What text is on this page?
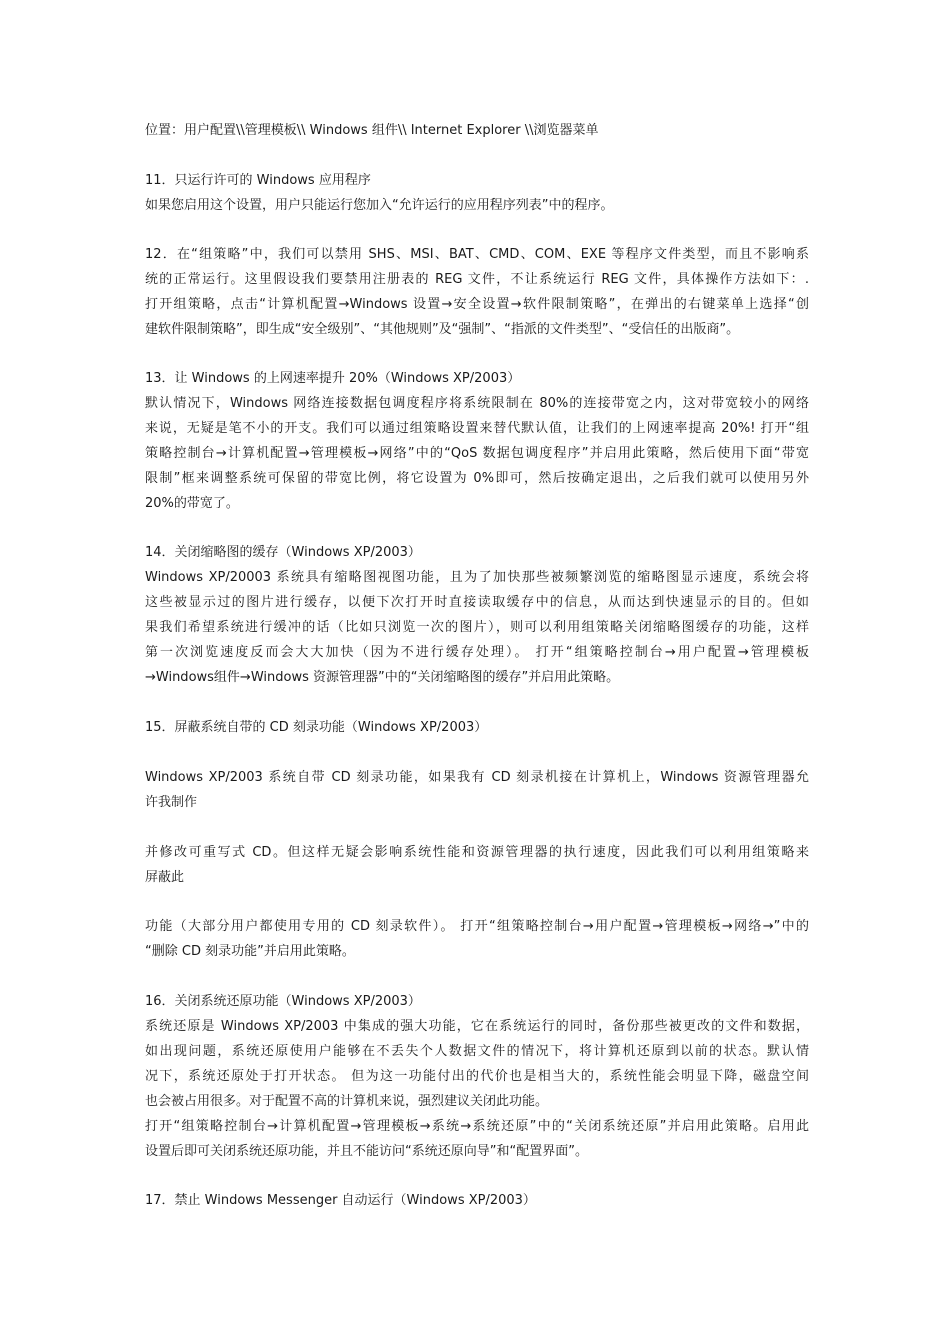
位置：用户配置\\管理模板\\ Windows 组件\\ Internet Explorer \\浏览器菜单

11．只运行许可的 Windows 应用程序
如果您启用这个设置，用户只能运行您加入“允许运行的应用程序列表”中的程序。

12．在“组策略”中，我们可以禁用 SHS、MSI、BAT、CMD、COM、EXE 等程序文件类型，而且不影响系
统的正常运行。这里假设我们要禁用注册表的 REG 文件，不让系统运行 REG 文件，具体操作方法如下：.
打开组策略，点击“计算机配置→Windows 设置→安全设置→软件限制策略”，在弹出的右键菜单上选择“创
建软件限制策略”，即生成“安全级别”、“其他规则”及“强制”、“指派的文件类型”、“受信任的出版商”。

13．让 Windows 的上网速率提升 20%（Windows XP/2003）
默认情况下，Windows 网络连接数据包调度程序将系统限制在 80%的连接带宽之内，这对带宽较小的网络
来说，无疑是笔不小的开支。我们可以通过组策略设置来替代默认值，让我们的上网速率提高 20%! 打开“组
策略控制台→计算机配置→管理模板→网络”中的“QoS 数据包调度程序”并启用此策略，然后使用下面“带宽
限制”框来调整系统可保留的带宽比例，将它设置为 0%即可，然后按确定退出，之后我们就可以使用另外
20%的带宽了。

14．关闭缩略图的缓存（Windows XP/2003）
Windows XP/20003 系统具有缩略图视图功能，且为了加快那些被频繁浏览的缩略图显示速度，系统会将
这些被显示过的图片进行缓存，以便下次打开时直接读取缓存中的信息，从而达到快速显示的目的。但如
果我们希望系统进行缓冲的话（比如只浏览一次的图片），则可以利用组策略关闭缩略图缓存的功能，这样
第一次浏览速度反而会大大加快（因为不进行缓存处理）。 打开“组策略控制台→用户配置→管理模板
→Windows组件→Windows 资源管理器”中的“关闭缩略图的缓存”并启用此策略。

15．屏蔽系统自带的 CD 刻录功能（Windows XP/2003）

Windows XP/2003 系统自带 CD 刻录功能，如果我有 CD 刻录机接在计算机上，Windows 资源管理器允
许我制作

并修改可重写式 CD。但这样无疑会影响系统性能和资源管理器的执行速度，因此我们可以利用组策略来
屏蔽此

功能（大部分用户都使用专用的 CD 刻录软件）。 打开“组策略控制台→用户配置→管理模板→网络→”中的
“删除 CD 刻录功能”并启用此策略。

16．关闭系统还原功能（Windows XP/2003）
系统还原是 Windows XP/2003 中集成的强大功能，它在系统运行的同时，备份那些被更改的文件和数据，
如出现问题，系统还原使用户能够在不丢失个人数据文件的情况下，将计算机还原到以前的状态。默认情
况下，系统还原处于打开状态。 但为这一功能付出的代价也是相当大的，系统性能会明显下降，磁盘空间
也会被占用很多。对于配置不高的计算机来说，强烈建议关闭此功能。
打开“组策略控制台→计算机配置→管理模板→系统→系统还原”中的“关闭系统还原”并启用此策略。启用此
设置后即可关闭系统还原功能，并且不能访问“系统还原向导”和“配置界面”。

17．禁止 Windows Messenger 自动运行（Windows XP/2003）
